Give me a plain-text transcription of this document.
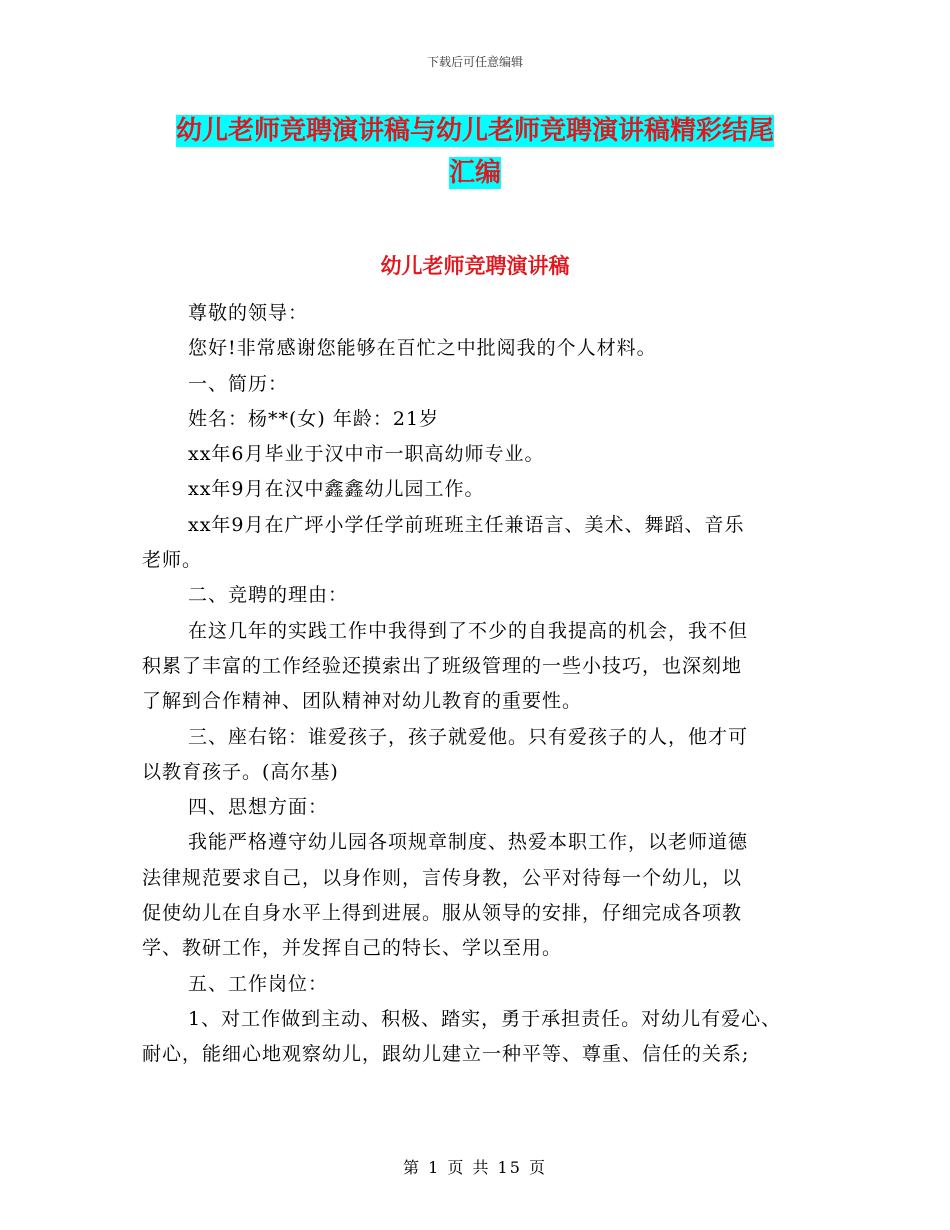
下载后可任意编辑
幼儿老师竞聘演讲稿与幼儿老师竞聘演讲稿精彩结尾
汇编
幼儿老师竞聘演讲稿
尊敬的领导：
您好!非常感谢您能够在百忙之中批阅我的个人材料。
一、简历：
姓名：杨**(女) 年龄：21岁
xx年6月毕业于汉中市一职高幼师专业。
xx年9月在汉中鑫鑫幼儿园工作。
xx年9月在广坪小学任学前班班主任兼语言、美术、舞蹈、音乐
老师。
二、竞聘的理由：
在这几年的实践工作中我得到了不少的自我提高的机会，我不但
积累了丰富的工作经验还摸索出了班级管理的一些小技巧，也深刻地
了解到合作精神、团队精神对幼儿教育的重要性。
三、座右铭：谁爱孩子，孩子就爱他。只有爱孩子的人，他才可
以教育孩子。(高尔基)
四、思想方面：
我能严格遵守幼儿园各项规章制度、热爱本职工作，以老师道德
法律规范要求自己，以身作则，言传身教，公平对待每一个幼儿，以
促使幼儿在自身水平上得到进展。服从领导的安排，仔细完成各项教
学、教研工作，并发挥自己的特长、学以至用。
五、工作岗位：
1、对工作做到主动、积极、踏实，勇于承担责任。对幼儿有爱心、
耐心，能细心地观察幼儿，跟幼儿建立一种平等、尊重、信任的关系;
第 1 页 共 15 页
